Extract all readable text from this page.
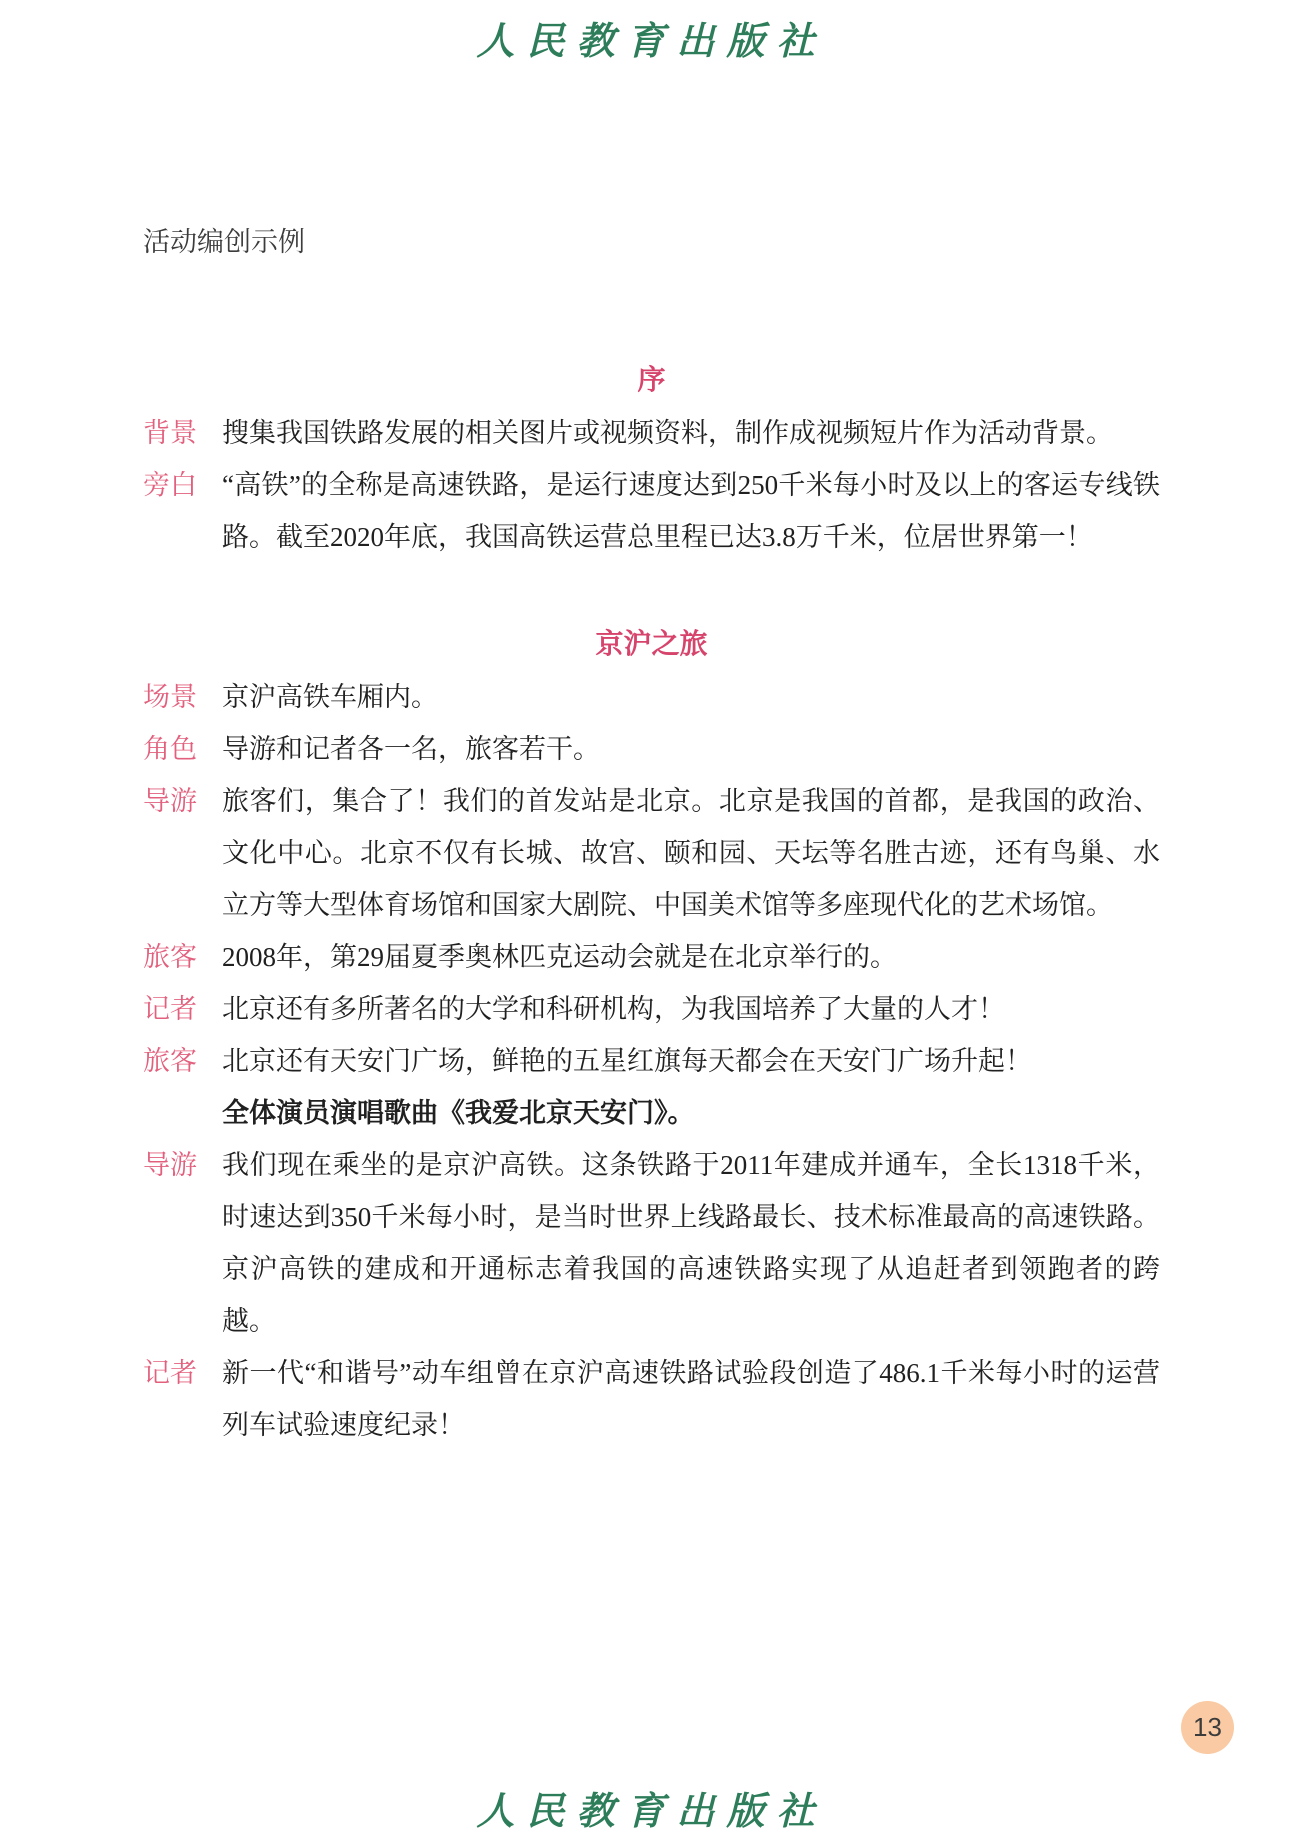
人民教育出版社
活动编创示例
序
背景 搜集我国铁路发展的相关图片或视频资料，制作成视频短片作为活动背景。
旁白 “高铁”的全称是高速铁路，是运行速度达到250千米每小时及以上的客运专线铁路。截至2020年底，我国高铁运营总里程已达3.8万千米，位居世界第一！
京沪之旅
场景 京沪高铁车厢内。
角色 导游和记者各一名，旅客若干。
导游 旅客们，集合了！我们的首发站是北京。北京是我国的首都，是我国的政治、文化中心。北京不仅有长城、故宫、颐和园、天坛等名胜古迹，还有鸟巢、水立方等大型体育场馆和国家大剧院、中国美术馆等多座现代化的艺术场馆。
旅客 2008年，第29届夏季奥林匹克运动会就是在北京举行的。
记者 北京还有多所著名的大学和科研机构，为我国培养了大量的人才！
旅客 北京还有天安门广场，鲜艳的五星红旗每天都会在天安门广场升起！
全体演员演唱歌曲《我爱北京天安门》。
导游 我们现在乘坐的是京沪高铁。这条铁路于2011年建成并通车，全长1318千米，时速达到350千米每小时，是当时世界上线路最长、技术标准最高的高速铁路。京沪高铁的建成和开通标志着我国的高速铁路实现了从追赶者到领跑者的跨越。
记者 新一代“和谐号”动车组曾在京沪高速铁路试验段创造了486.1千米每小时的运营列车试验速度纪录！
13
人民教育出版社
